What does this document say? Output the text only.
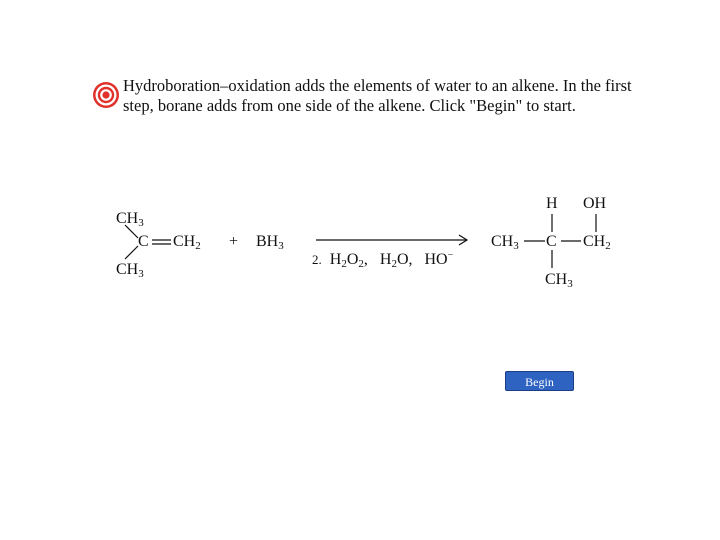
Hydroboration–oxidation adds the elements of water to an alkene. In the first step, borane adds from one side of the alkene. Click "Begin" to start.
$CH_3$
C $CH_2$
$CH_3$
+ $BH_3$
2. $H_2O_2$, $H_2O$, HO−
H OH
$CH_3$ C $CH_2$
$CH_3$
Begin
